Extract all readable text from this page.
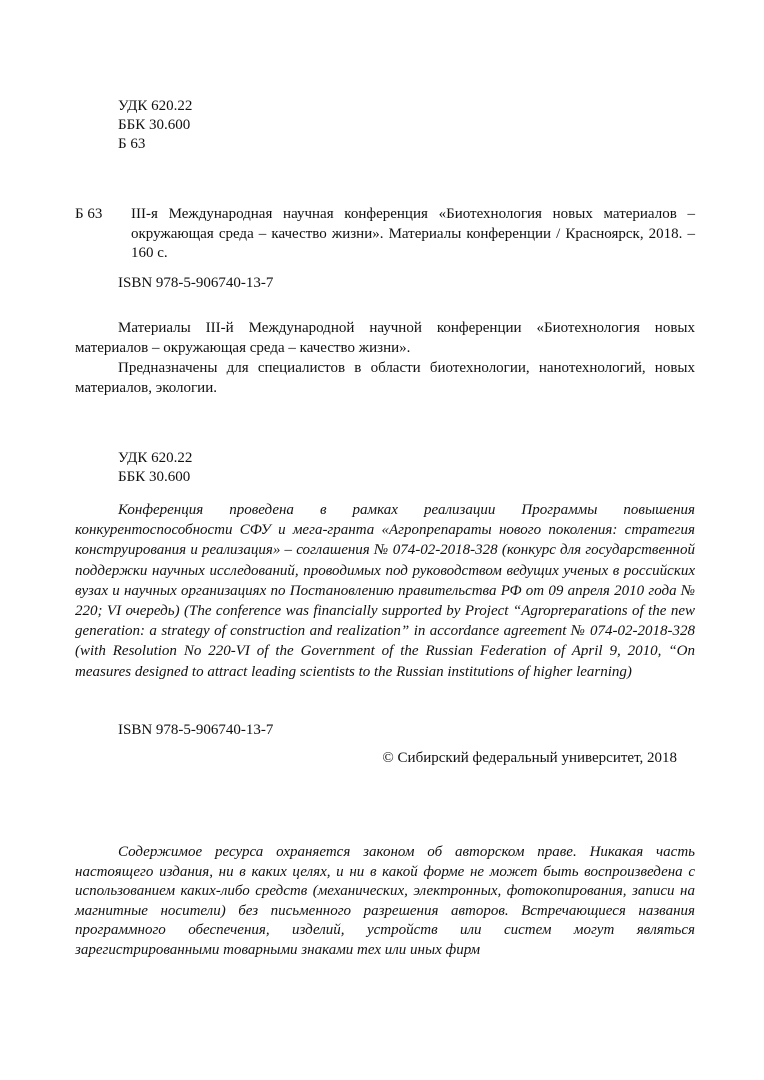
УДК 620.22
ББК 30.600
Б 63
Б 63 III-я Международная научная конференция «Биотехнология новых материалов – окружающая среда – качество жизни». Материалы конференции / Красноярск, 2018. – 160 с.
ISBN 978-5-906740-13-7

Материалы III-й Международной научной конференции «Биотехнология новых материалов – окружающая среда – качество жизни».

Предназначены для специалистов в области биотехнологии, нанотехнологий, новых материалов, экологии.

УДК 620.22
ББК 30.600
Конференция проведена в рамках реализации Программы повышения конкурентоспособности СФУ и мега-гранта «Агропрепараты нового поколения: стратегия конструирования и реализация» – соглашения № 074-02-2018-328 (конкурс для государственной поддержки научных исследований, проводимых под руководством ведущих ученых в российских вузах и научных организациях по Постановлению правительства РФ от 09 апреля 2010 года № 220; VI очередь) (The conference was financially supported by Project “Agropreparations of the new generation: a strategy of construction and realization” in accordance agreement № 074-02-2018-328 (with Resolution No 220-VI of the Government of the Russian Federation of April 9, 2010, “On measures designed to attract leading scientists to the Russian institutions of higher learning)
ISBN 978-5-906740-13-7
© Сибирский федеральный университет, 2018
Содержимое ресурса охраняется законом об авторском праве. Никакая часть настоящего издания, ни в каких целях, и ни в какой форме не может быть воспроизведена с использованием каких-либо средств (механических, электронных, фотокопирования, записи на магнитные носители) без письменного разрешения авторов. Встречающиеся названия программного обеспечения, изделий, устройств или систем могут являться зарегистрированными товарными знаками тех или иных фирм
